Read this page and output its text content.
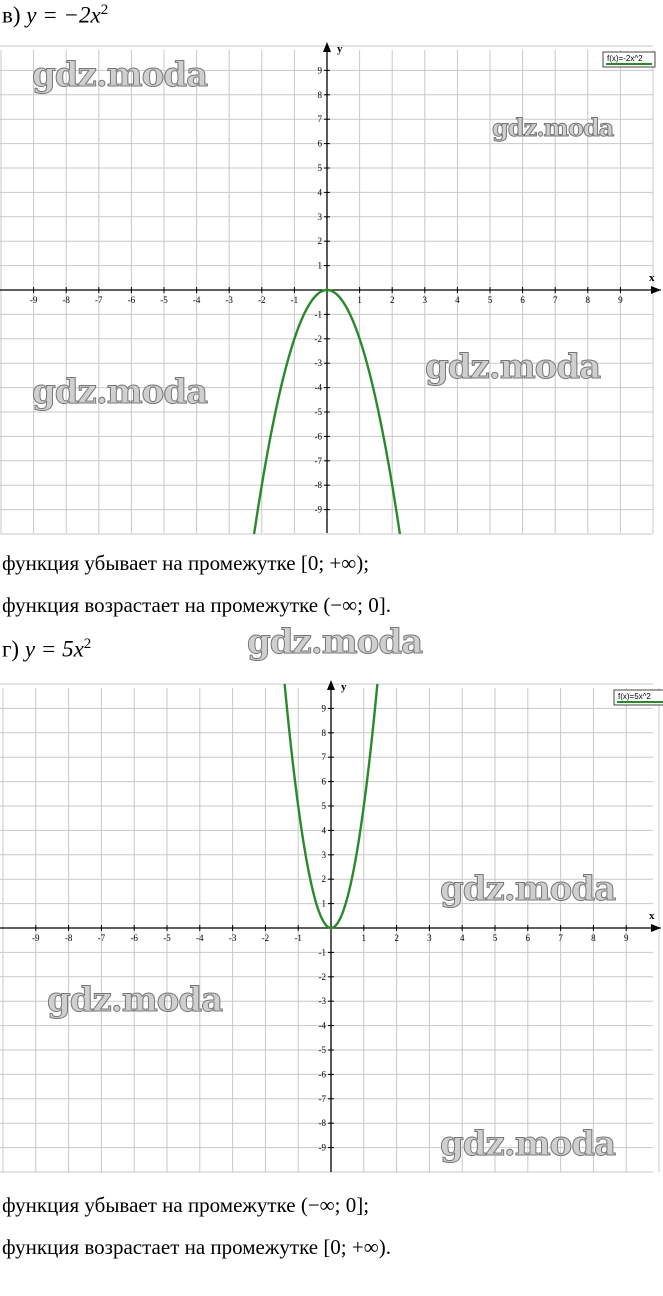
в) $y = -2x^2$
-9	-8	-7	-6	-5	-4	-3	-2	-1	1	2	3	4	5	6	7	8	9
-9
-8
-7
-6
-5
-4
-3
-2
-1
1
2
3
4
5
6
7
8
9
x
y
f(x)=-2x^2
функция убывает на промежутке [0; +∞);
функция возрастает на промежутке (−∞; 0].
г) $y = 5x^2$
-9	-8	-7	-6	-5	-4	-3	-2	-1	1	2	3	4	5	6	7	8	9
-9
-8
-7
-6
-5
-4
-3
-2
-1
1
2
3
4
5
6
7
8
9
x
y
f(x)=5x^2
функция убывает на промежутке (−∞; 0];
функция возрастает на промежутке [0; +∞).
gdz.moda
gdz.moda
gdz.moda
gdz.moda
gdz.moda
gdz.moda
gdz.moda
gdz.moda
